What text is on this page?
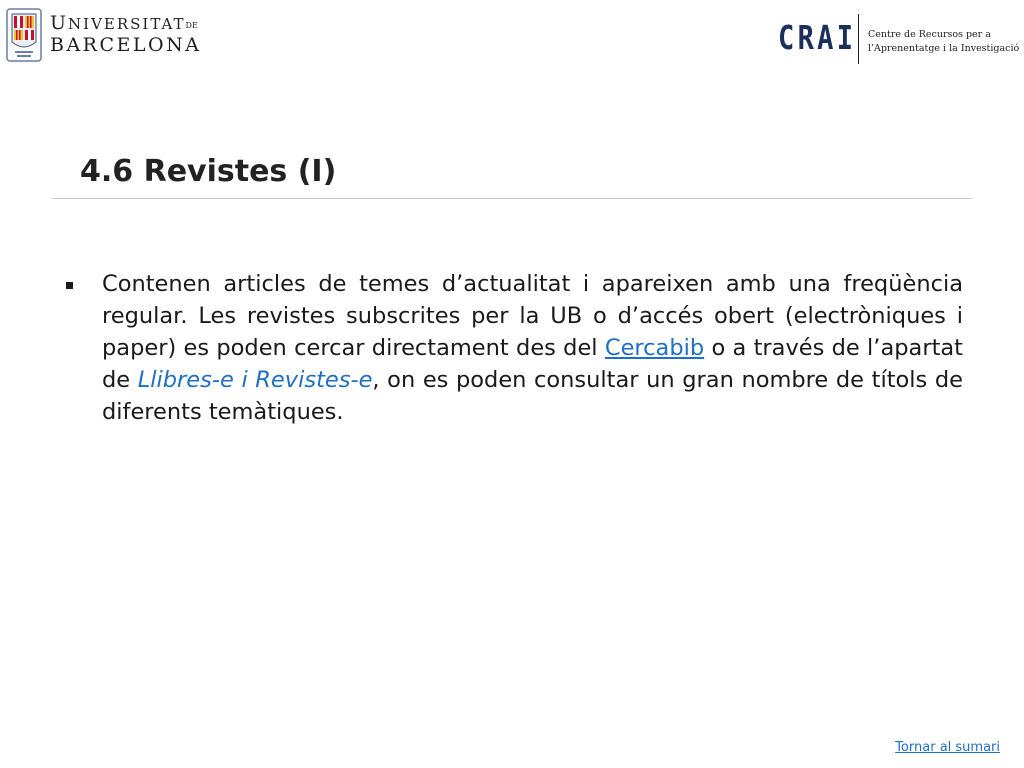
UNIVERSITATDE
BARCELONA	CRAI Centre de Recursos per a
l’Aprenentatge i la Investigació
4.6 Revistes (I)
Contenen articles de temes d’actualitat i apareixen amb una freqüència regular. Les revistes subscrites per la UB o d’accés obert (electròniques i paper) es poden cercar directament des del Cercabib o a través de l’apartat de Llibres-e i Revistes-e, on es poden consultar un gran nombre de títols de diferents temàtiques.
Tornar al sumari
